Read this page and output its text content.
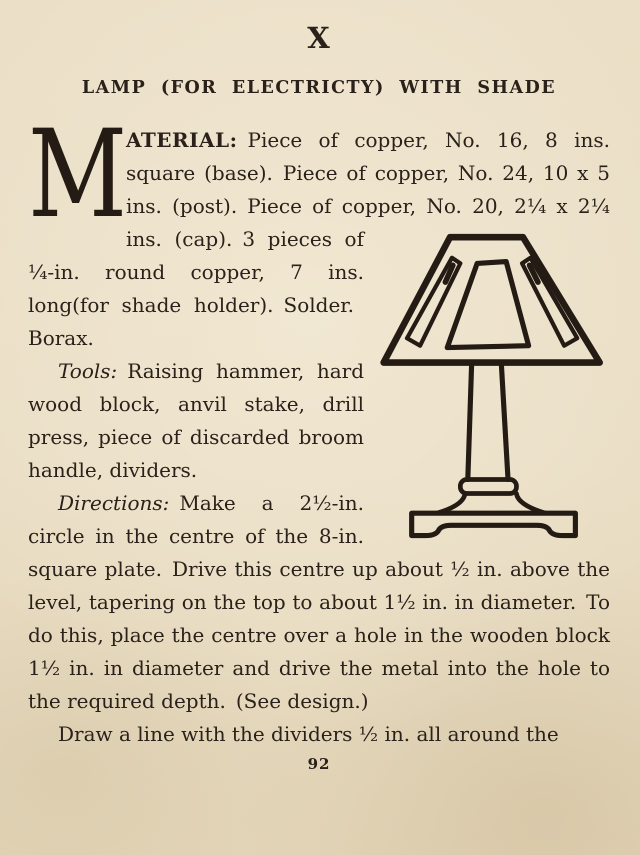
X
LAMP (FOR ELECTRICTY) WITH SHADE

M
ATERIAL: Piece of copper, No. 16, 8 ins. square (base). Piece of copper, No. 24, 10 x 5 ins. (post). Piece of copper, No. 20,
2¼ x 2¼ ins. (cap). 3 pieces of ¼-in. round copper, 7 ins. long(for shade holder). Solder. Borax.

Tools: Raising hammer, hard wood block, anvil stake, drill press, piece of discarded broom handle, dividers.

Directions: Make a 2½-in. circle in the centre of the 8-in. square plate. Drive this centre up about ½ in. above the level, tapering on the top to about 1½ in. in diameter. To do this, place the centre over a hole in the wooden block 1½ in. in diameter and drive the metal into the hole to the required depth. (See design.)

Draw a line with the dividers ½ in. all around the

92
